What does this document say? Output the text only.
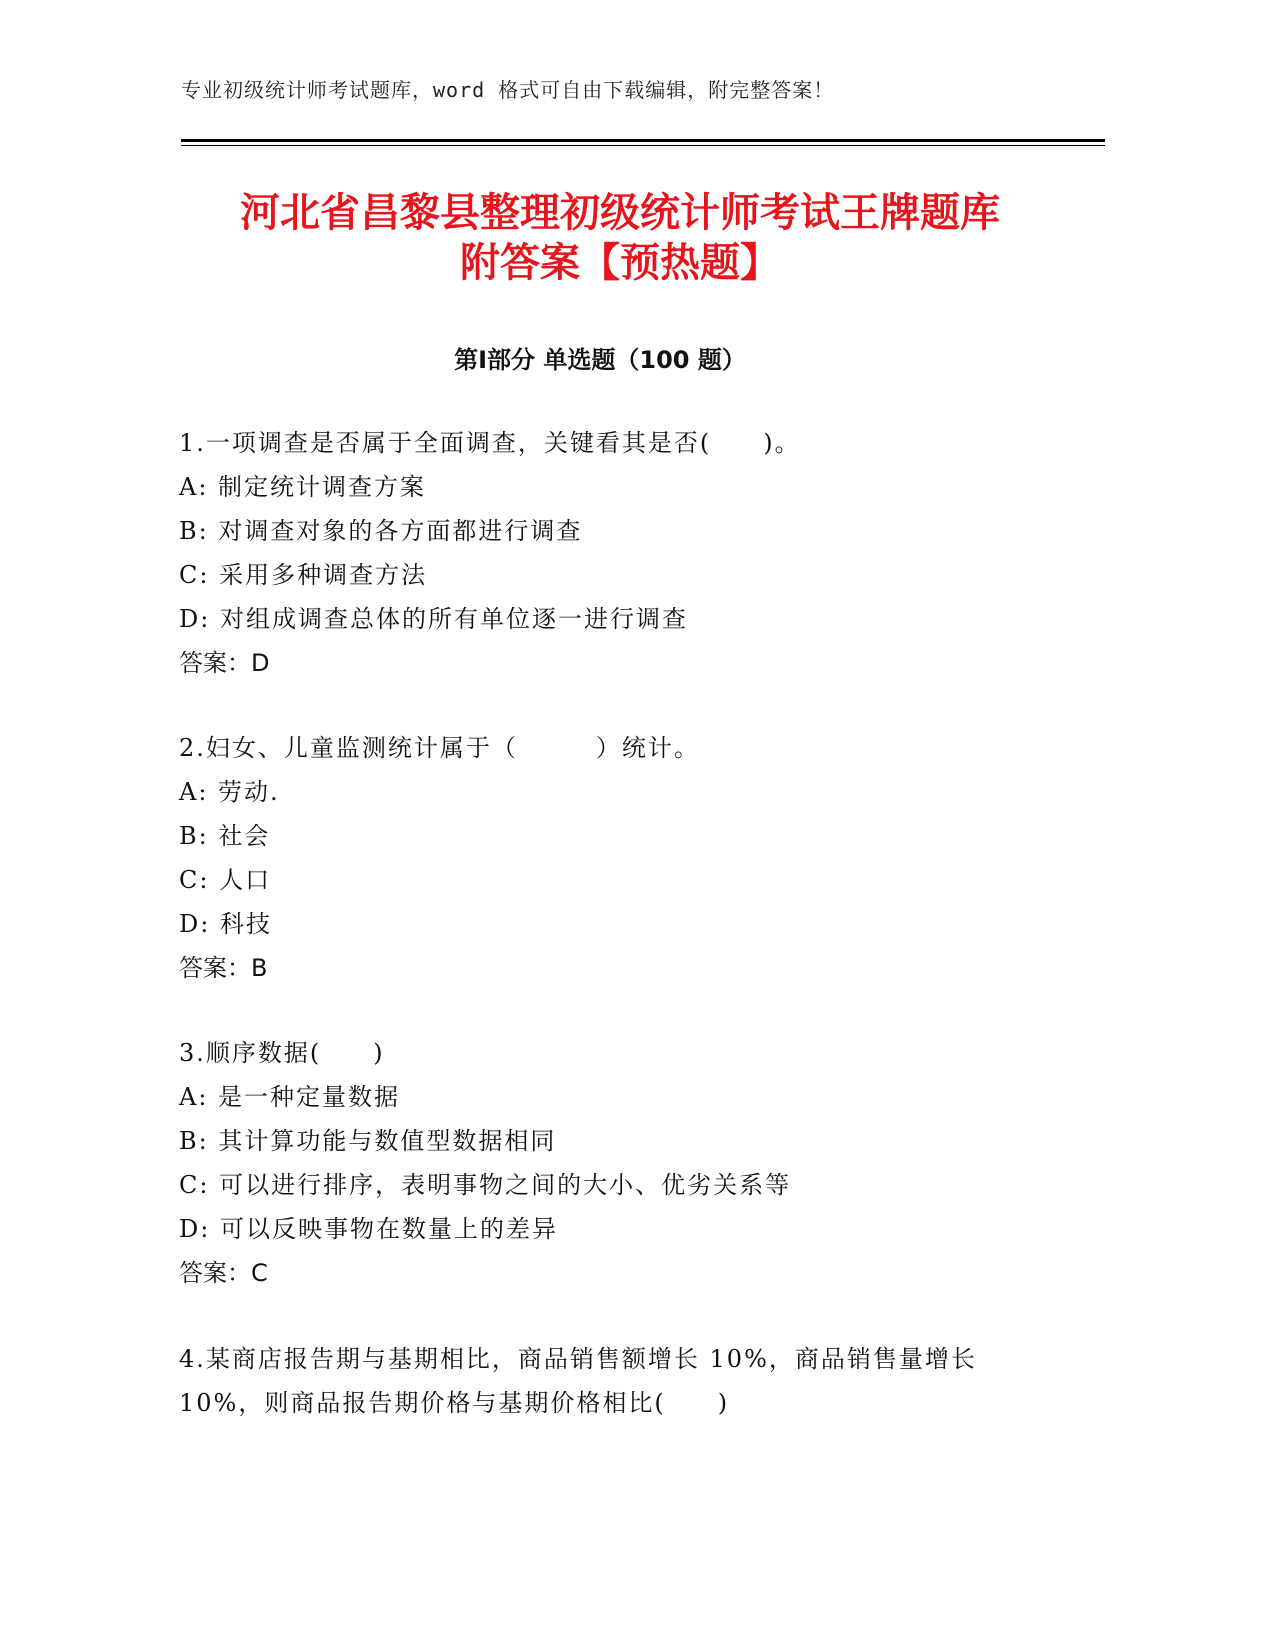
专业初级统计师考试题库，word 格式可自由下载编辑，附完整答案！
河北省昌黎县整理初级统计师考试王牌题库
附答案【预热题】
第Ⅰ部分 单选题（100 题）
1.一项调查是否属于全面调查，关键看其是否(　　)。
A: 制定统计调查方案
B: 对调查对象的各方面都进行调查
C: 采用多种调查方法
D: 对组成调查总体的所有单位逐一进行调查
答案：D
2.妇女、儿童监测统计属于（　　　）统计。
A: 劳动.
B: 社会
C: 人口
D: 科技
答案：B
3.顺序数据(　　)
A: 是一种定量数据
B: 其计算功能与数值型数据相同
C: 可以进行排序，表明事物之间的大小、优劣关系等
D: 可以反映事物在数量上的差异
答案：C
4.某商店报告期与基期相比，商品销售额增长 10%，商品销售量增长
10%，则商品报告期价格与基期价格相比(　　)
